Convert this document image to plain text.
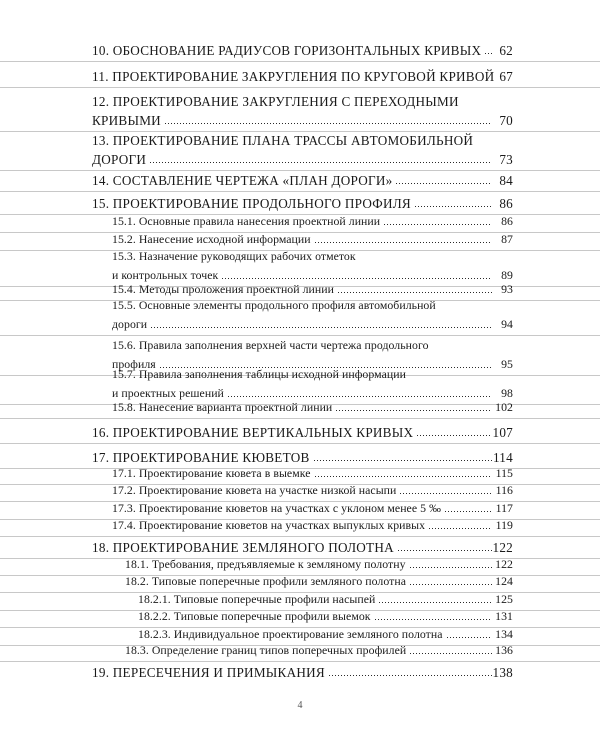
10. ОБОСНОВАНИЕ РАДИУСОВ ГОРИЗОНТАЛЬНЫХ КРИВЫХ 62
11. ПРОЕКТИРОВАНИЕ ЗАКРУГЛЕНИЯ ПО КРУГОВОЙ КРИВОЙ 67
12. ПРОЕКТИРОВАНИЕ ЗАКРУГЛЕНИЯ С ПЕРЕХОДНЫМИ
КРИВЫМИ	70
13. ПРОЕКТИРОВАНИЕ ПЛАНА ТРАССЫ АВТОМОБИЛЬНОЙ
ДОРОГИ	73
14. СОСТАВЛЕНИЕ ЧЕРТЕЖА «ПЛАН ДОРОГИ»	84
15. ПРОЕКТИРОВАНИЕ ПРОДОЛЬНОГО ПРОФИЛЯ	86
15.1. Основные правила нанесения проектной линии	86
15.2. Нанесение исходной информации	87
15.3. Назначение руководящих рабочих отметок
и контрольных точек	89
15.4. Методы проложения проектной линии	93
15.5. Основные элементы продольного профиля автомобильной
дороги	94
15.6. Правила заполнения верхней части чертежа продольного
профиля	95
15.7. Правила заполнения таблицы исходной информации
и проектных решений	98
15.8. Нанесение варианта проектной линии	102
16. ПРОЕКТИРОВАНИЕ ВЕРТИКАЛЬНЫХ КРИВЫХ	107
17. ПРОЕКТИРОВАНИЕ КЮВЕТОВ	114
17.1. Проектирование кювета в выемке	115
17.2. Проектирование кювета на участке низкой насыпи	116
17.3. Проектирование кюветов на участках с уклоном менее 5 ‰	117
17.4. Проектирование кюветов на участках выпуклых кривых	119
18. ПРОЕКТИРОВАНИЕ ЗЕМЛЯНОГО ПОЛОТНА	122
18.1. Требования, предъявляемые к земляному полотну	122
18.2. Типовые поперечные профили земляного полотна	124
18.2.1. Типовые поперечные профили насыпей	125
18.2.2. Типовые поперечные профили выемок	131
18.2.3. Индивидуальное проектирование земляного полотна	134
18.3. Определение границ типов поперечных профилей	136
19. ПЕРЕСЕЧЕНИЯ И ПРИМЫКАНИЯ	138
4
